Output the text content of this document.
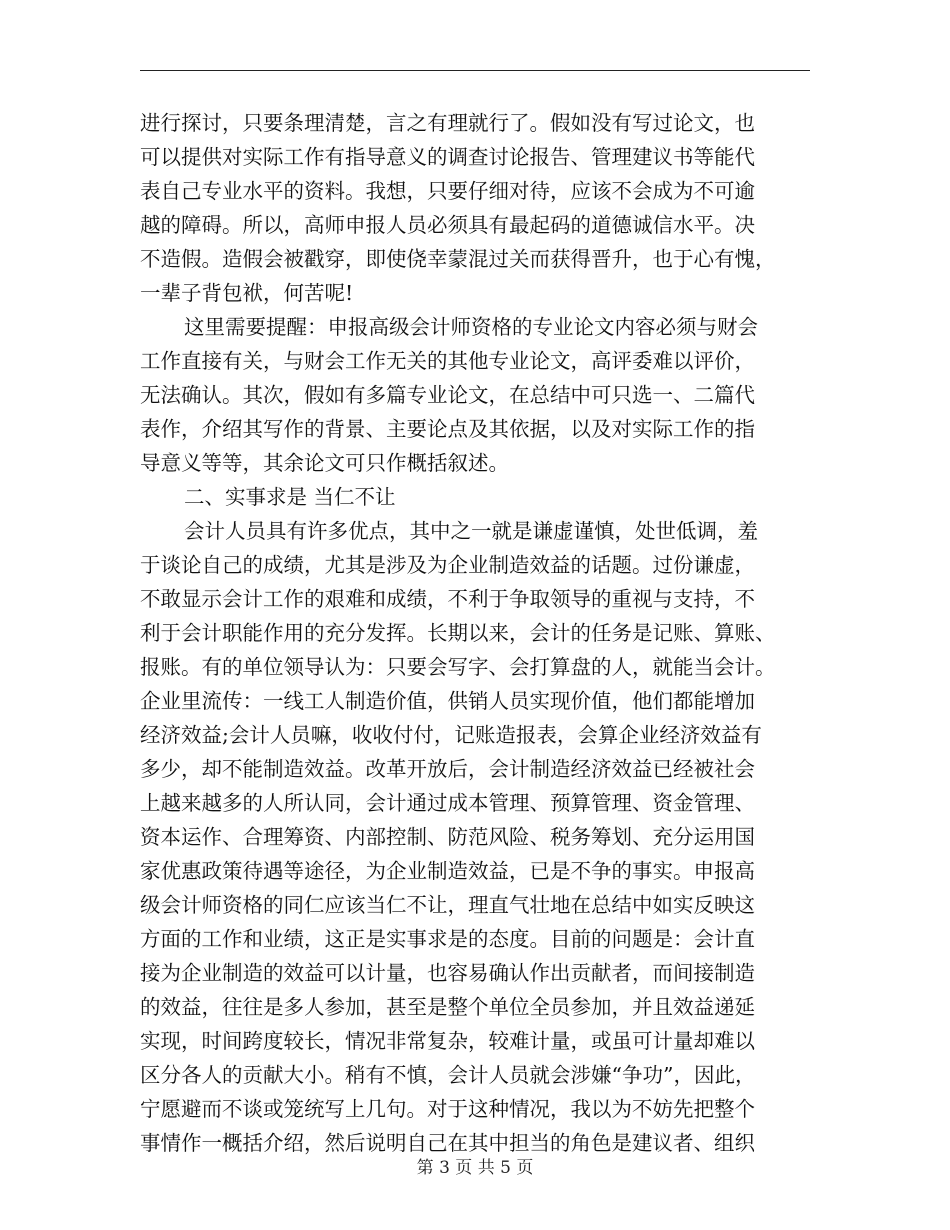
进行探讨，只要条理清楚，言之有理就行了。假如没有写过论文，也
可以提供对实际工作有指导意义的调查讨论报告、管理建议书等能代
表自己专业水平的资料。我想，只要仔细对待，应该不会成为不可逾
越的障碍。所以，高师申报人员必须具有最起码的道德诚信水平。决
不造假。造假会被戳穿，即使侥幸蒙混过关而获得晋升，也于心有愧，
一辈子背包袱，何苦呢!
这里需要提醒：申报高级会计师资格的专业论文内容必须与财会
工作直接有关，与财会工作无关的其他专业论文，高评委难以评价，
无法确认。其次，假如有多篇专业论文，在总结中可只选一、二篇代
表作，介绍其写作的背景、主要论点及其依据，以及对实际工作的指
导意义等等，其余论文可只作概括叙述。
二、实事求是 当仁不让
会计人员具有许多优点，其中之一就是谦虚谨慎，处世低调，羞
于谈论自己的成绩，尤其是涉及为企业制造效益的话题。过份谦虚，
不敢显示会计工作的艰难和成绩，不利于争取领导的重视与支持，不
利于会计职能作用的充分发挥。长期以来，会计的任务是记账、算账、
报账。有的单位领导认为：只要会写字、会打算盘的人，就能当会计。
企业里流传：一线工人制造价值，供销人员实现价值，他们都能增加
经济效益;会计人员嘛，收收付付，记账造报表，会算企业经济效益有
多少，却不能制造效益。改革开放后，会计制造经济效益已经被社会
上越来越多的人所认同，会计通过成本管理、预算管理、资金管理、
资本运作、合理筹资、内部控制、防范风险、税务筹划、充分运用国
家优惠政策待遇等途径，为企业制造效益，已是不争的事实。申报高
级会计师资格的同仁应该当仁不让，理直气壮地在总结中如实反映这
方面的工作和业绩，这正是实事求是的态度。目前的问题是：会计直
接为企业制造的效益可以计量，也容易确认作出贡献者，而间接制造
的效益，往往是多人参加，甚至是整个单位全员参加，并且效益递延
实现，时间跨度较长，情况非常复杂，较难计量，或虽可计量却难以
区分各人的贡献大小。稍有不慎，会计人员就会涉嫌“争功”，因此，
宁愿避而不谈或笼统写上几句。对于这种情况，我以为不妨先把整个
事情作一概括介绍，然后说明自己在其中担当的角色是建议者、组织
第 3 页 共 5 页
